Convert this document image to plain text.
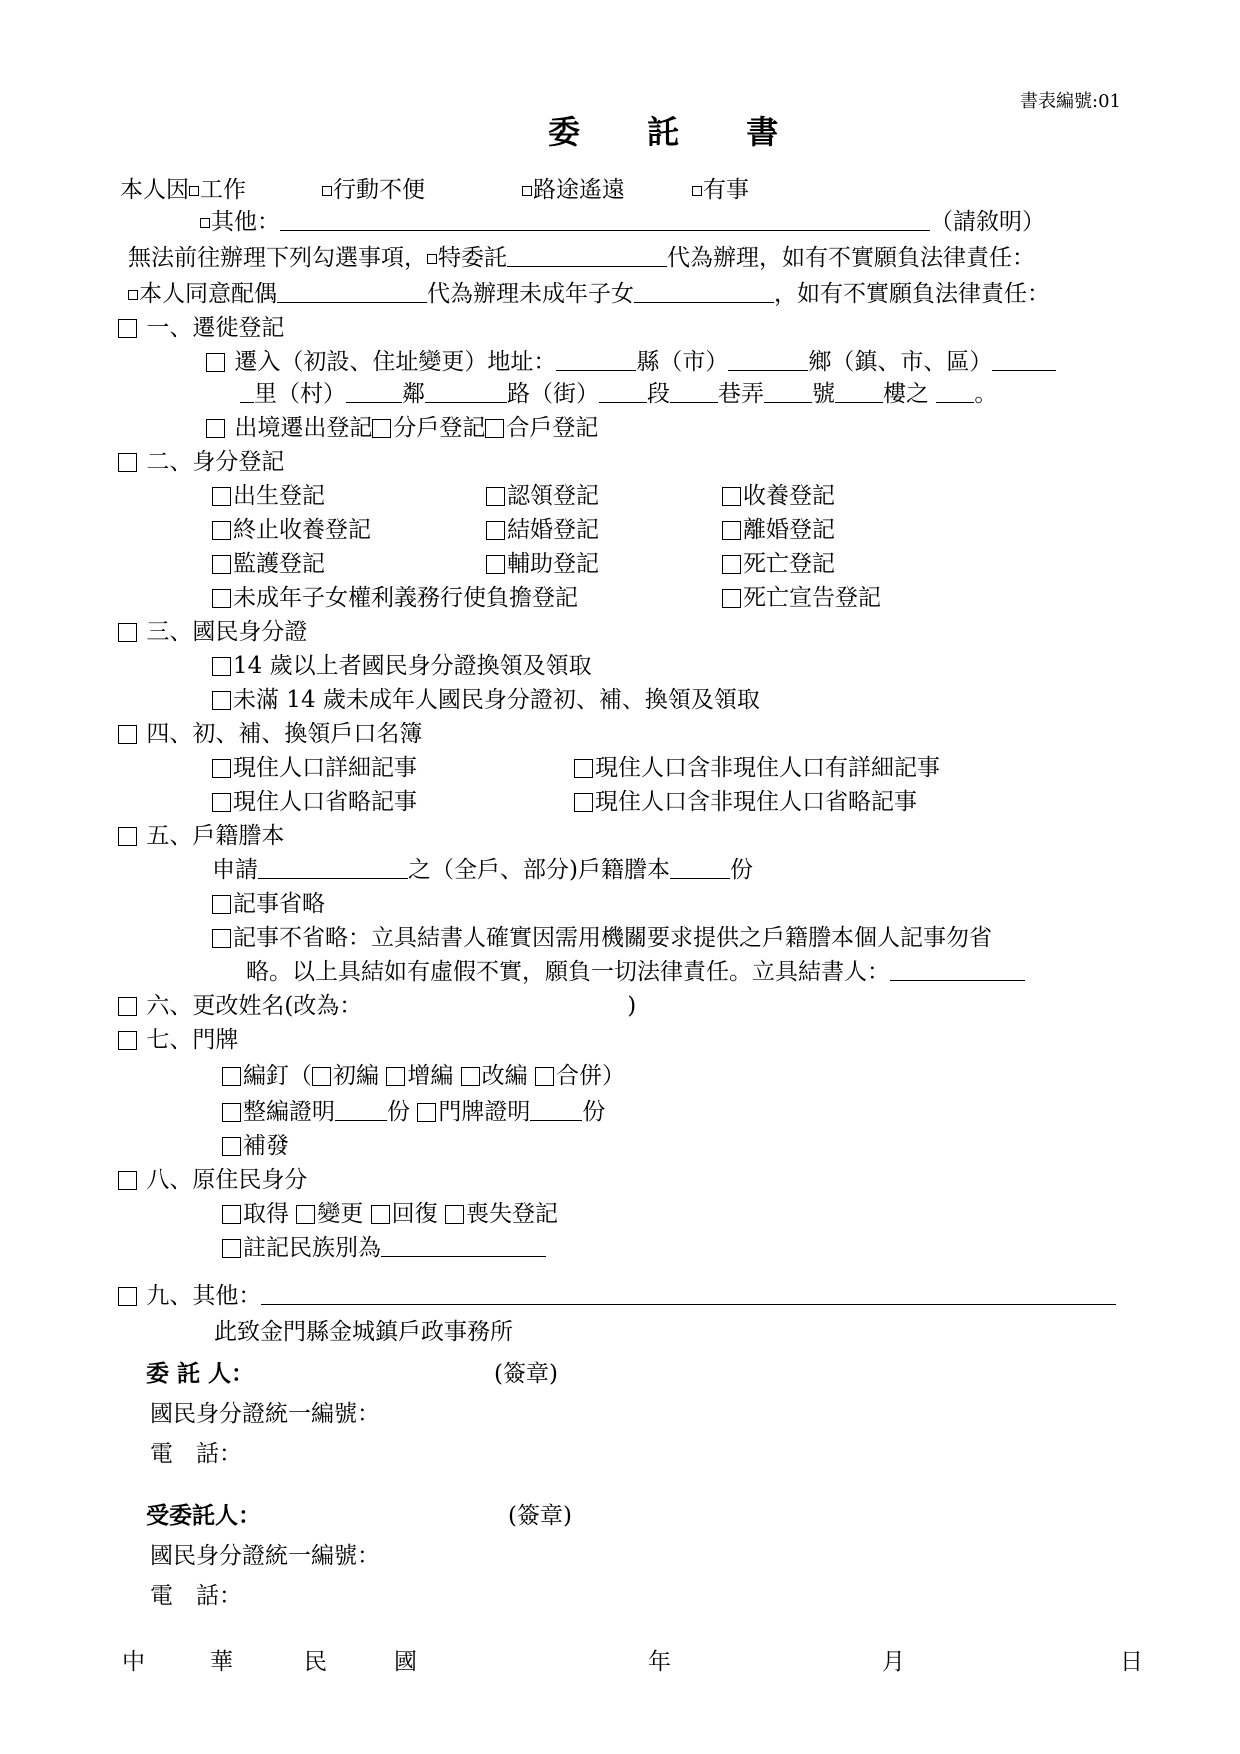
書表編號:01
委 託 書
本人因 工作	行動不便	路途遙遠	有事
其他：	（請敘明）
無法前往辦理下列勾選事項， 特委託	代為辦理，如有不實願負法律責任：
本人同意配偶	代為辦理未成年子女	，如有不實願負法律責任：
一、遷徙登記
遷入（初設、住址變更）地址：	縣（市）	鄉（鎮、市、區）
里（村） 鄰	路（街） 段 巷弄 號 樓之 。
出境遷出登記 分戶登記 合戶登記
二、身分登記
出生登記	認領登記	收養登記
終止收養登記	結婚登記	離婚登記
監護登記	輔助登記	死亡登記
未成年子女權利義務行使負擔登記	死亡宣告登記
三、國民身分證
14 歲以上者國民身分證換領及領取
未滿 14 歲未成年人國民身分證初、補、換領及領取
四、初、補、換領戶口名簿
現住人口詳細記事	現住人口含非現住人口有詳細記事
現住人口省略記事	現住人口含非現住人口省略記事
五、戶籍謄本
申請	之（全戶、部分)戶籍謄本	份
記事省略
記事不省略：立具結書人確實因需用機關要求提供之戶籍謄本個人記事勿省
略。以上具結如有虛假不實，願負一切法律責任。立具結書人：
六、更改姓名(改為：	)
七、門牌
編釘（ 初編 增編 改編 合併）
整編證明 份 門牌證明 份
補發
八、原住民身分
取得 變更 回復 喪失登記
註記民族別為
九、其他：
此致金門縣金城鎮戶政事務所
委 託 人：	(簽章)
國民身分證統一編號：
電　話：
受委託人：	(簽章)
國民身分證統一編號：
電　話：
中	華	民	國	年	月	日
